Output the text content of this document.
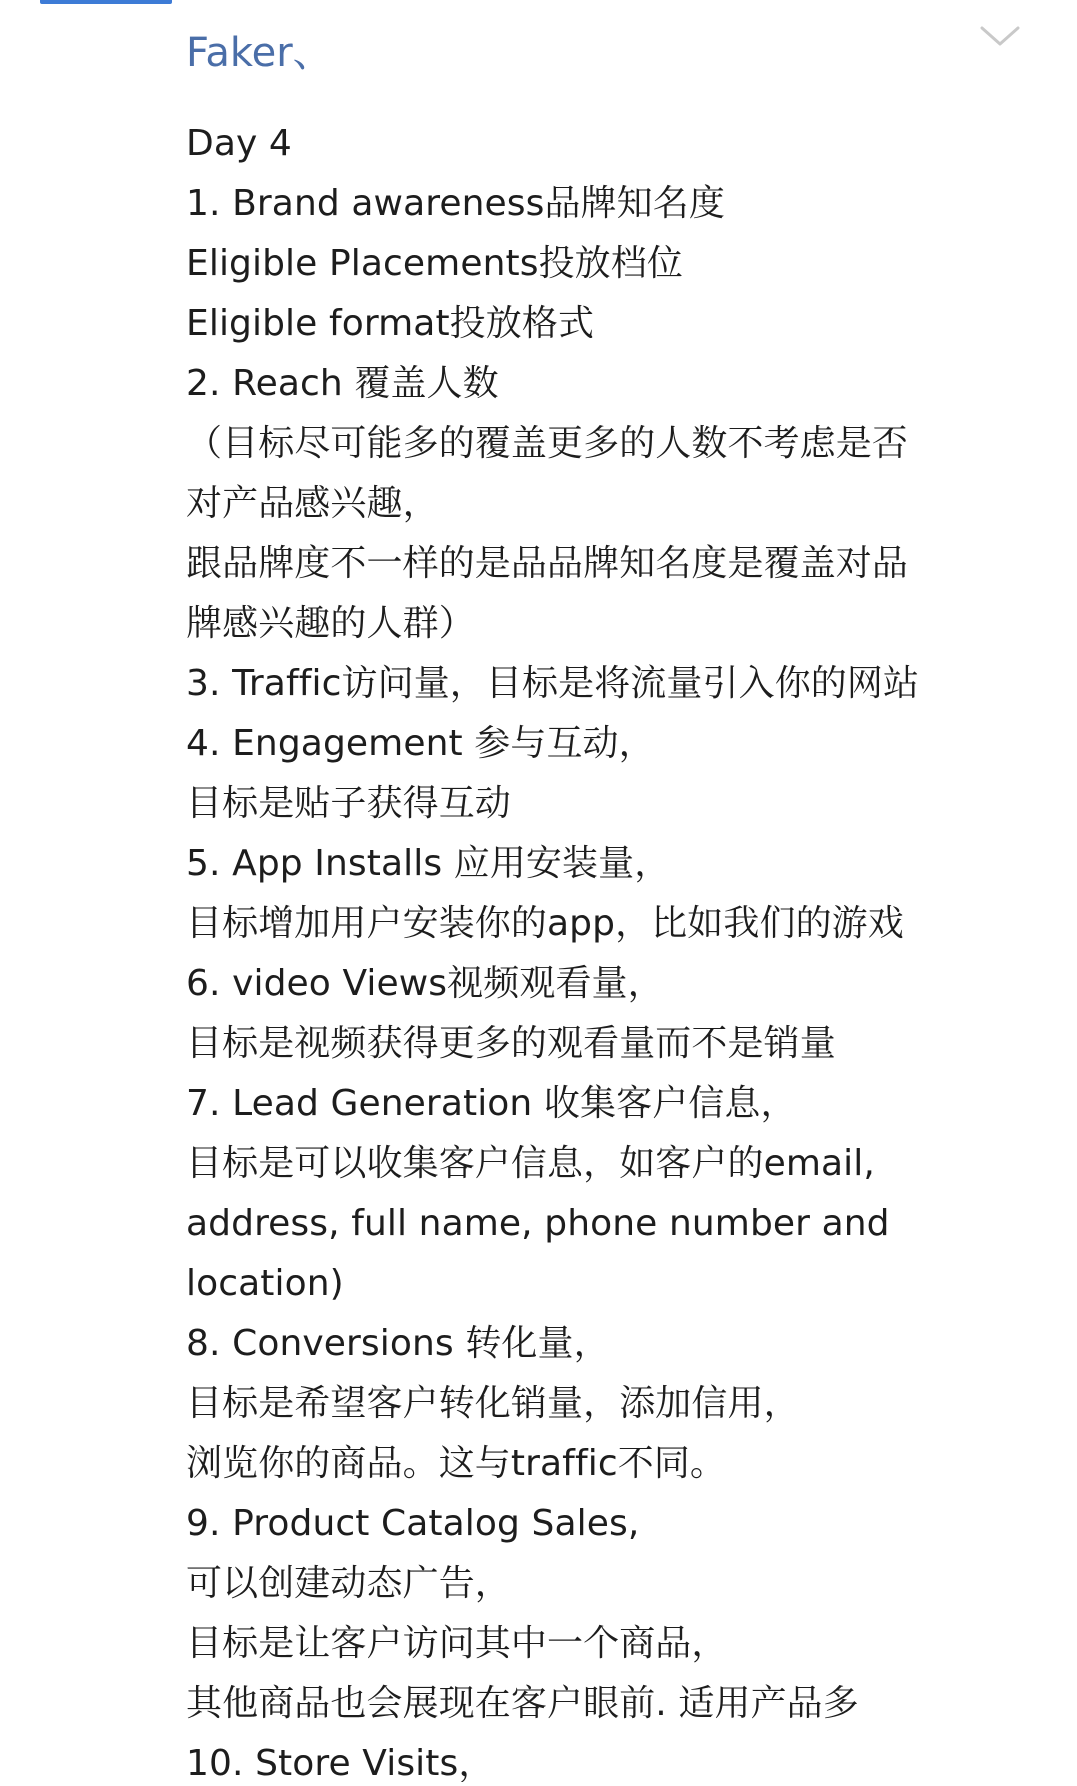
Faker、
Day 4
1. Brand awareness品牌知名度
Eligible Placements投放档位
Eligible format投放格式
2. Reach 覆盖人数
（目标尽可能多的覆盖更多的人数不考虑是否
对产品感兴趣，
跟品牌度不一样的是品品牌知名度是覆盖对品
牌感兴趣的人群）
3. Traffic访问量，目标是将流量引入你的网站
4. Engagement 参与互动，
目标是贴子获得互动
5. App Installs 应用安装量，
目标增加用户安装你的app，比如我们的游戏
6. video Views视频观看量，
目标是视频获得更多的观看量而不是销量
7. Lead Generation 收集客户信息，
目标是可以收集客户信息，如客户的email,
address, full name, phone number and
location)
8. Conversions 转化量，
目标是希望客户转化销量，添加信用，
浏览你的商品。这与traffic不同。
9. Product Catalog Sales,
可以创建动态广告，
目标是让客户访问其中一个商品，
其他商品也会展现在客户眼前. 适用产品多
10. Store Visits，
